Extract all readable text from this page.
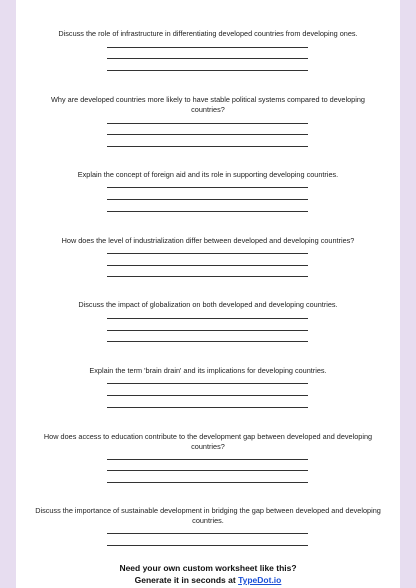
Discuss the role of infrastructure in differentiating developed countries from developing ones.
Why are developed countries more likely to have stable political systems compared to developing countries?
Explain the concept of foreign aid and its role in supporting developing countries.
How does the level of industrialization differ between developed and developing countries?
Discuss the impact of globalization on both developed and developing countries.
Explain the term 'brain drain' and its implications for developing countries.
How does access to education contribute to the development gap between developed and developing countries?
Discuss the importance of sustainable development in bridging the gap between developed and developing countries.
Need your own custom worksheet like this?
Generate it in seconds at TypeDot.io
